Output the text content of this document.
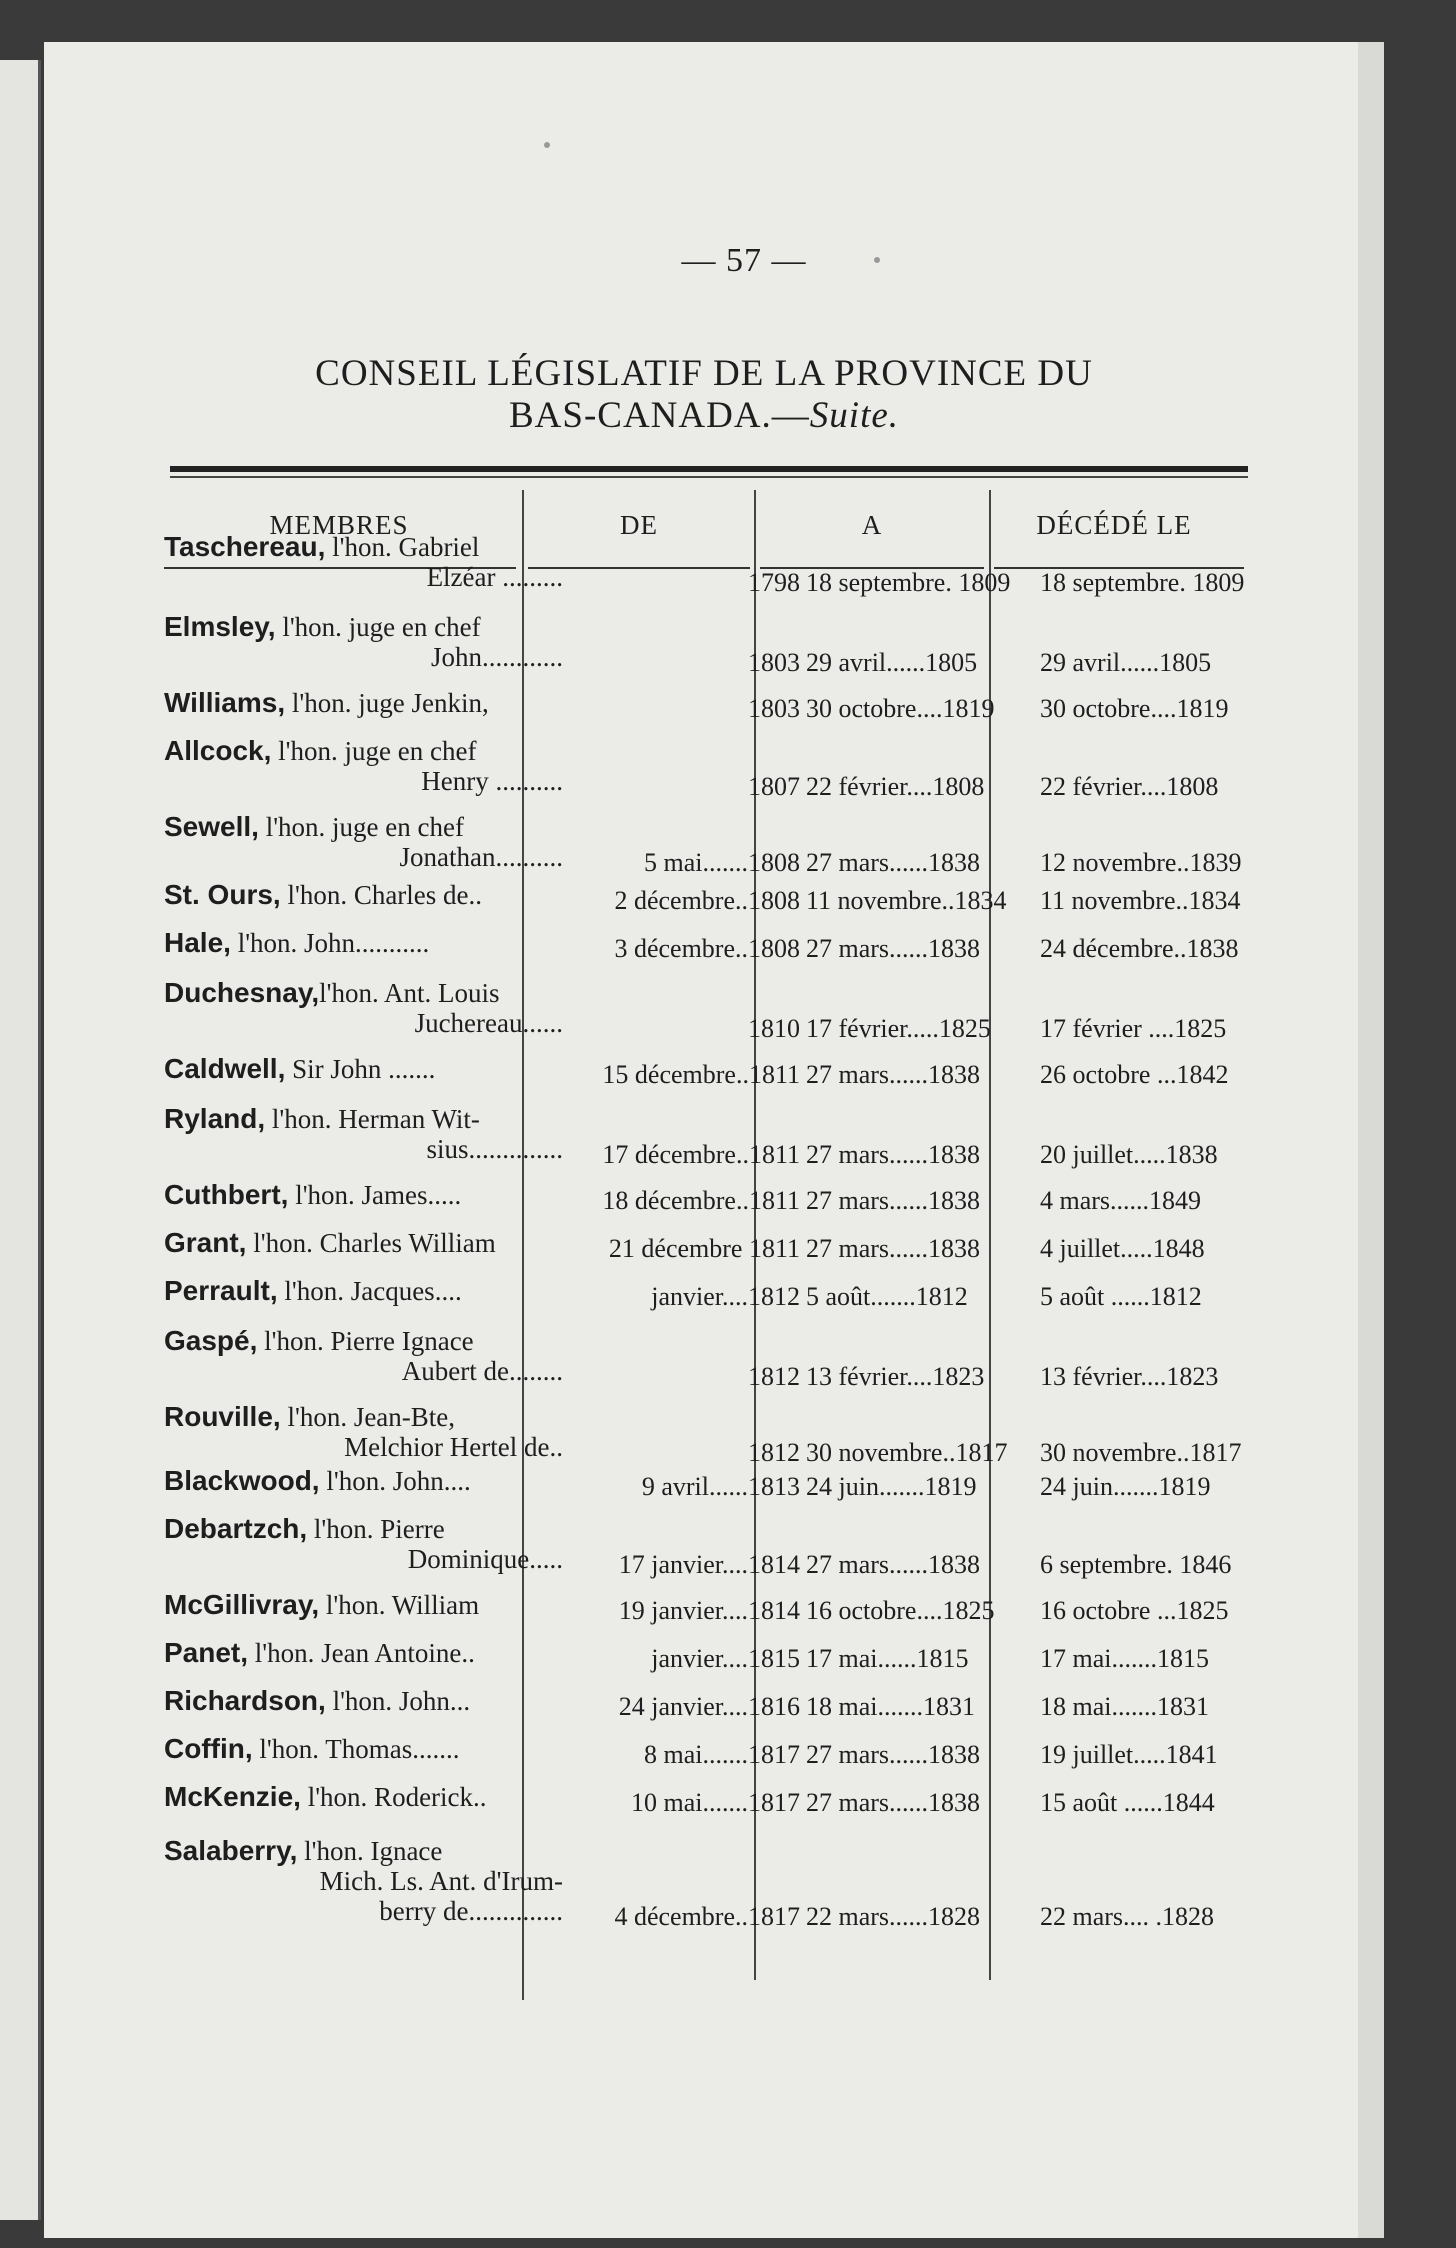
— 57 —
CONSEIL LÉGISLATIF DE LA PROVINCE DU
BAS-CANADA.—Suite.
MEMBRES	DE	A	DÉCÉDÉ LE
Taschereau, l'hon. Gabriel
Elzéar .........	1798 18 septembre. 1809	18 septembre. 1809
Elmsley, l'hon. juge en chef
John............	1803 29 avril......1805	29 avril......1805
Williams, l'hon. juge Jenkin,	1803 30 octobre....1819	30 octobre....1819
Allcock, l'hon. juge en chef
Henry ..........	1807 22 février....1808	22 février....1808
Sewell, l'hon. juge en chef
Jonathan..........	5 mai.......1808 27 mars......1838	12 novembre..1839
St. Ours, l'hon. Charles de..	2 décembre..1808 11 novembre..1834	11 novembre..1834
Hale, l'hon. John...........	3 décembre..1808 27 mars......1838	24 décembre..1838
Duchesnay,l'hon. Ant. Louis
Juchereau......	1810 17 février.....1825	17 février ....1825
Caldwell, Sir John .......	15 décembre..1811 27 mars......1838	26 octobre ...1842
Ryland, l'hon. Herman Wit-
sius..............	17 décembre..1811 27 mars......1838	20 juillet.....1838
Cuthbert, l'hon. James.....	18 décembre..1811 27 mars......1838	4 mars......1849
Grant, l'hon. Charles William	21 décembre 1811 27 mars......1838	4 juillet.....1848
Perrault, l'hon. Jacques....	janvier....1812 5 août.......1812	5 août ......1812
Gaspé, l'hon. Pierre Ignace
Aubert de........	1812 13 février....1823	13 février....1823
Rouville, l'hon. Jean-Bte,
Melchior Hertel de..	1812 30 novembre..1817	30 novembre..1817
Blackwood, l'hon. John....	9 avril......1813 24 juin.......1819	24 juin.......1819
Debartzch, l'hon. Pierre
Dominique.....	17 janvier....1814 27 mars......1838	6 septembre. 1846
McGillivray, l'hon. William	19 janvier....1814 16 octobre....1825	16 octobre ...1825
Panet, l'hon. Jean Antoine..	janvier....1815 17 mai......1815	17 mai.......1815
Richardson, l'hon. John...	24 janvier....1816 18 mai.......1831	18 mai.......1831
Coffin, l'hon. Thomas.......	8 mai.......1817 27 mars......1838	19 juillet.....1841
McKenzie, l'hon. Roderick..	10 mai.......1817 27 mars......1838	15 août ......1844
Salaberry, l'hon. Ignace
Mich. Ls. Ant. d'Irum-
berry de..............	4 décembre..1817 22 mars......1828	22 mars.... .1828
